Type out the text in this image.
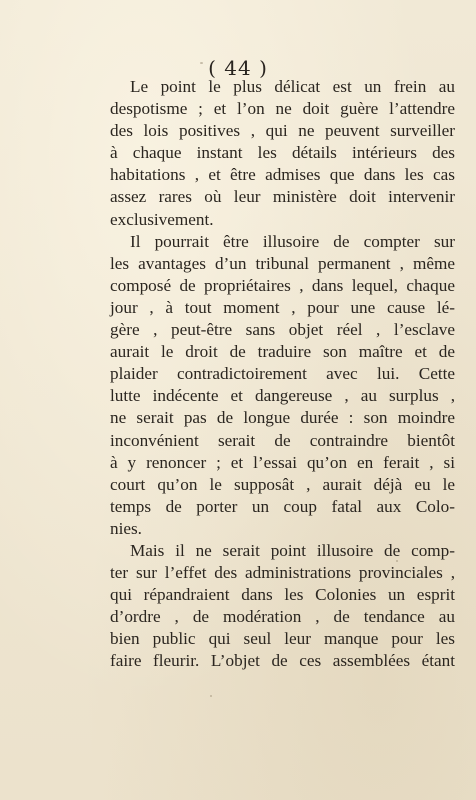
( 44 )
Le point le plus délicat est un frein au
despotisme ; et l’on ne doit guère l’attendre
des lois positives , qui ne peuvent surveiller
à chaque instant les détails intérieurs des
habitations , et être admises que dans les cas
assez rares où leur ministère doit intervenir
exclusivement.
Il pourrait être illusoire de compter sur
les avantages d’un tribunal permanent , même
composé de propriétaires , dans lequel, chaque
jour , à tout moment , pour une cause lé-
gère , peut-être sans objet réel , l’esclave
aurait le droit de traduire son maître et de
plaider contradictoirement avec lui. Cette
lutte indécente et dangereuse , au surplus ,
ne serait pas de longue durée : son moindre
inconvénient serait de contraindre bientôt
à y renoncer ; et l’essai qu’on en ferait , si
court qu’on le supposât , aurait déjà eu le
temps de porter un coup fatal aux Colo-
nies.
Mais il ne serait point illusoire de comp-
ter sur l’effet des administrations provinciales ,
qui répandraient dans les Colonies un esprit
d’ordre , de modération , de tendance au
bien public qui seul leur manque pour les
faire fleurir. L’objet de ces assemblées étant
